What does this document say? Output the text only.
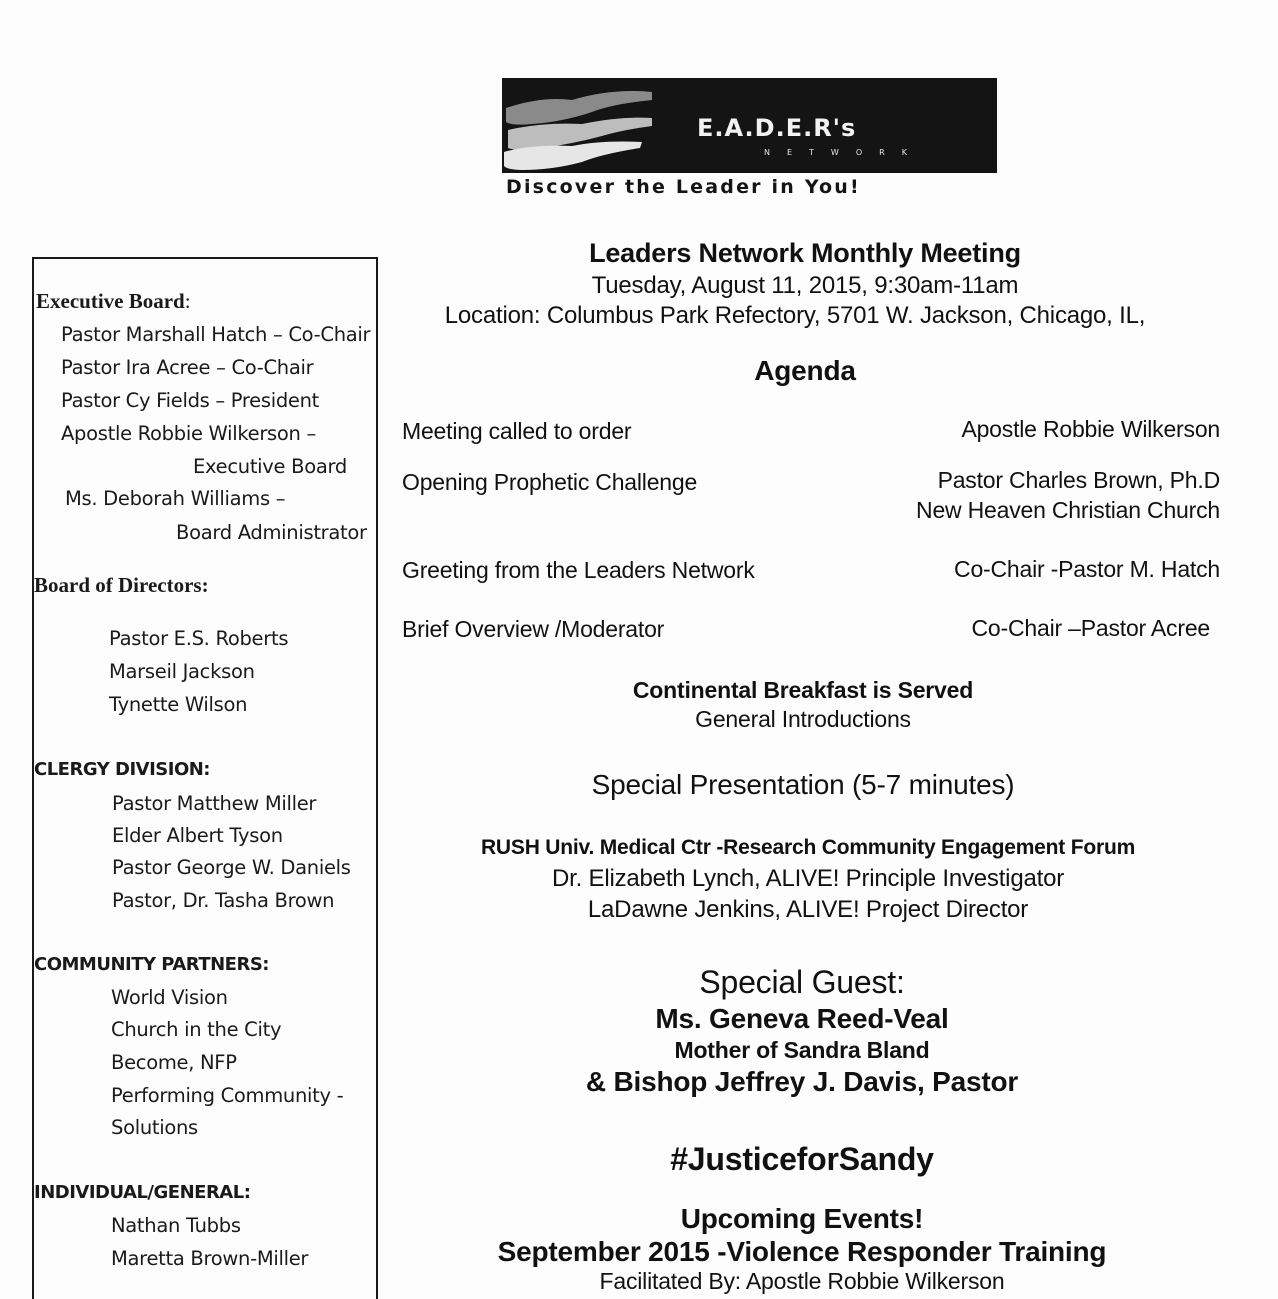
E.A.D.E.R's
NETWORK
Discover the Leader in You!
Executive Board:
Pastor Marshall Hatch – Co-Chair
Pastor Ira Acree – Co-Chair
Pastor Cy Fields – President
Apostle Robbie Wilkerson –
Executive Board
Ms. Deborah Williams –
Board Administrator
Board of Directors:
Pastor E.S. Roberts
Marseil Jackson
Tynette Wilson
CLERGY DIVISION:
Pastor Matthew Miller
Elder Albert Tyson
Pastor George W. Daniels
Pastor, Dr. Tasha Brown
COMMUNITY PARTNERS:
World Vision
Church in the City
Become, NFP
Performing Community -
Solutions
INDIVIDUAL/GENERAL:
Nathan Tubbs
Maretta Brown-Miller
Leaders Network Monthly Meeting
Tuesday, August 11, 2015, 9:30am-11am
Location: Columbus Park Refectory, 5701 W. Jackson, Chicago, IL,
Agenda
Meeting called to order	Apostle Robbie Wilkerson
Opening Prophetic Challenge	Pastor Charles Brown, Ph.D
New Heaven Christian Church
Greeting from the Leaders Network	Co-Chair -Pastor M. Hatch
Brief Overview /Moderator	Co-Chair –Pastor Acree
Continental Breakfast is Served
General Introductions
Special Presentation (5-7 minutes)
RUSH Univ. Medical Ctr -Research Community Engagement Forum
Dr. Elizabeth Lynch, ALIVE! Principle Investigator
LaDawne Jenkins, ALIVE! Project Director
Special Guest:
Ms. Geneva Reed-Veal
Mother of Sandra Bland
& Bishop Jeffrey J. Davis, Pastor
#JusticeforSandy
Upcoming Events!
September 2015 -Violence Responder Training
Facilitated By: Apostle Robbie Wilkerson
